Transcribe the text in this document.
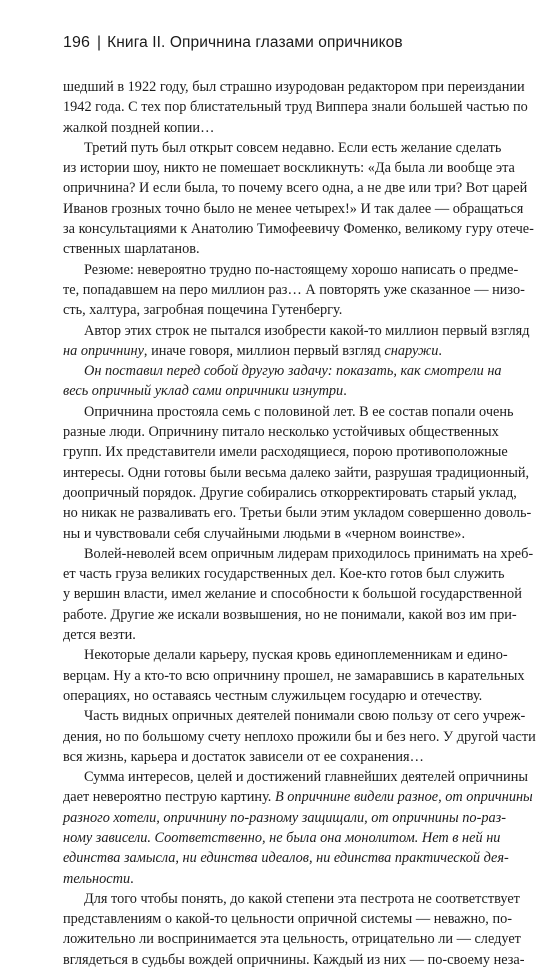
196 | Книга II. Опричнина глазами опричников
шедший в 1922 году, был страшно изуродован редактором при переиздании
1942 года. С тех пор блистательный труд Виппера знали большей частью по
жалкой поздней копии…
Третий путь был открыт совсем недавно. Если есть желание сделать
из истории шоу, никто не помешает воскликнуть: «Да была ли вообще эта
опричнина? И если была, то почему всего одна, а не две или три? Вот царей
Иванов грозных точно было не менее четырех!» И так далее — обращаться
за консультациями к Анатолию Тимофеевичу Фоменко, великому гуру отече-
ственных шарлатанов.
Резюме: невероятно трудно по-настоящему хорошо написать о предме-
те, попадавшем на перо миллион раз… А повторять уже сказанное — низо-
сть, халтура, загробная пощечина Гутенбергу.
Автор этих строк не пытался изобрести какой-то миллион первый взгляд
на опричнину, иначе говоря, миллион первый взгляд снаружи.
Он поставил перед собой другую задачу: показать, как смотрели на
весь опричный уклад сами опричники изнутри.
Опричнина простояла семь с половиной лет. В ее состав попали очень
разные люди. Опричнину питало несколько устойчивых общественных
групп. Их представители имели расходящиеся, порою противоположные
интересы. Одни готовы были весьма далеко зайти, разрушая традиционный,
доопричный порядок. Другие собирались откорректировать старый уклад,
но никак не разваливать его. Третьи были этим укладом совершенно доволь-
ны и чувствовали себя случайными людьми в «черном воинстве».
Волей-неволей всем опричным лидерам приходилось принимать на хреб-
ет часть груза великих государственных дел. Кое-кто готов был служить
у вершин власти, имел желание и способности к большой государственной
работе. Другие же искали возвышения, но не понимали, какой воз им при-
дется везти.
Некоторые делали карьеру, пуская кровь единоплеменникам и едино-
верцам. Ну а кто-то всю опричнину прошел, не замаравшись в карательных
операциях, но оставаясь честным служильцем государю и отечеству.
Часть видных опричных деятелей понимали свою пользу от сего учреж-
дения, но по большому счету неплохо прожили бы и без него. У другой части
вся жизнь, карьера и достаток зависели от ее сохранения…
Сумма интересов, целей и достижений главнейших деятелей опричнины
дает невероятно пеструю картину. В опричнине видели разное, от опричнины
разного хотели, опричнину по-разному защищали, от опричнины по-раз-
ному зависели. Соответственно, не была она монолитом. Нет в ней ни
единства замысла, ни единства идеалов, ни единства практической дея-
тельности.
Для того чтобы понять, до какой степени эта пестрота не соответствует
представлениям о какой-то цельности опричной системы — неважно, по-
ложительно ли воспринимается эта цельность, отрицательно ли — следует
вглядеться в судьбы вождей опричнины. Каждый из них — по-своему неза-
